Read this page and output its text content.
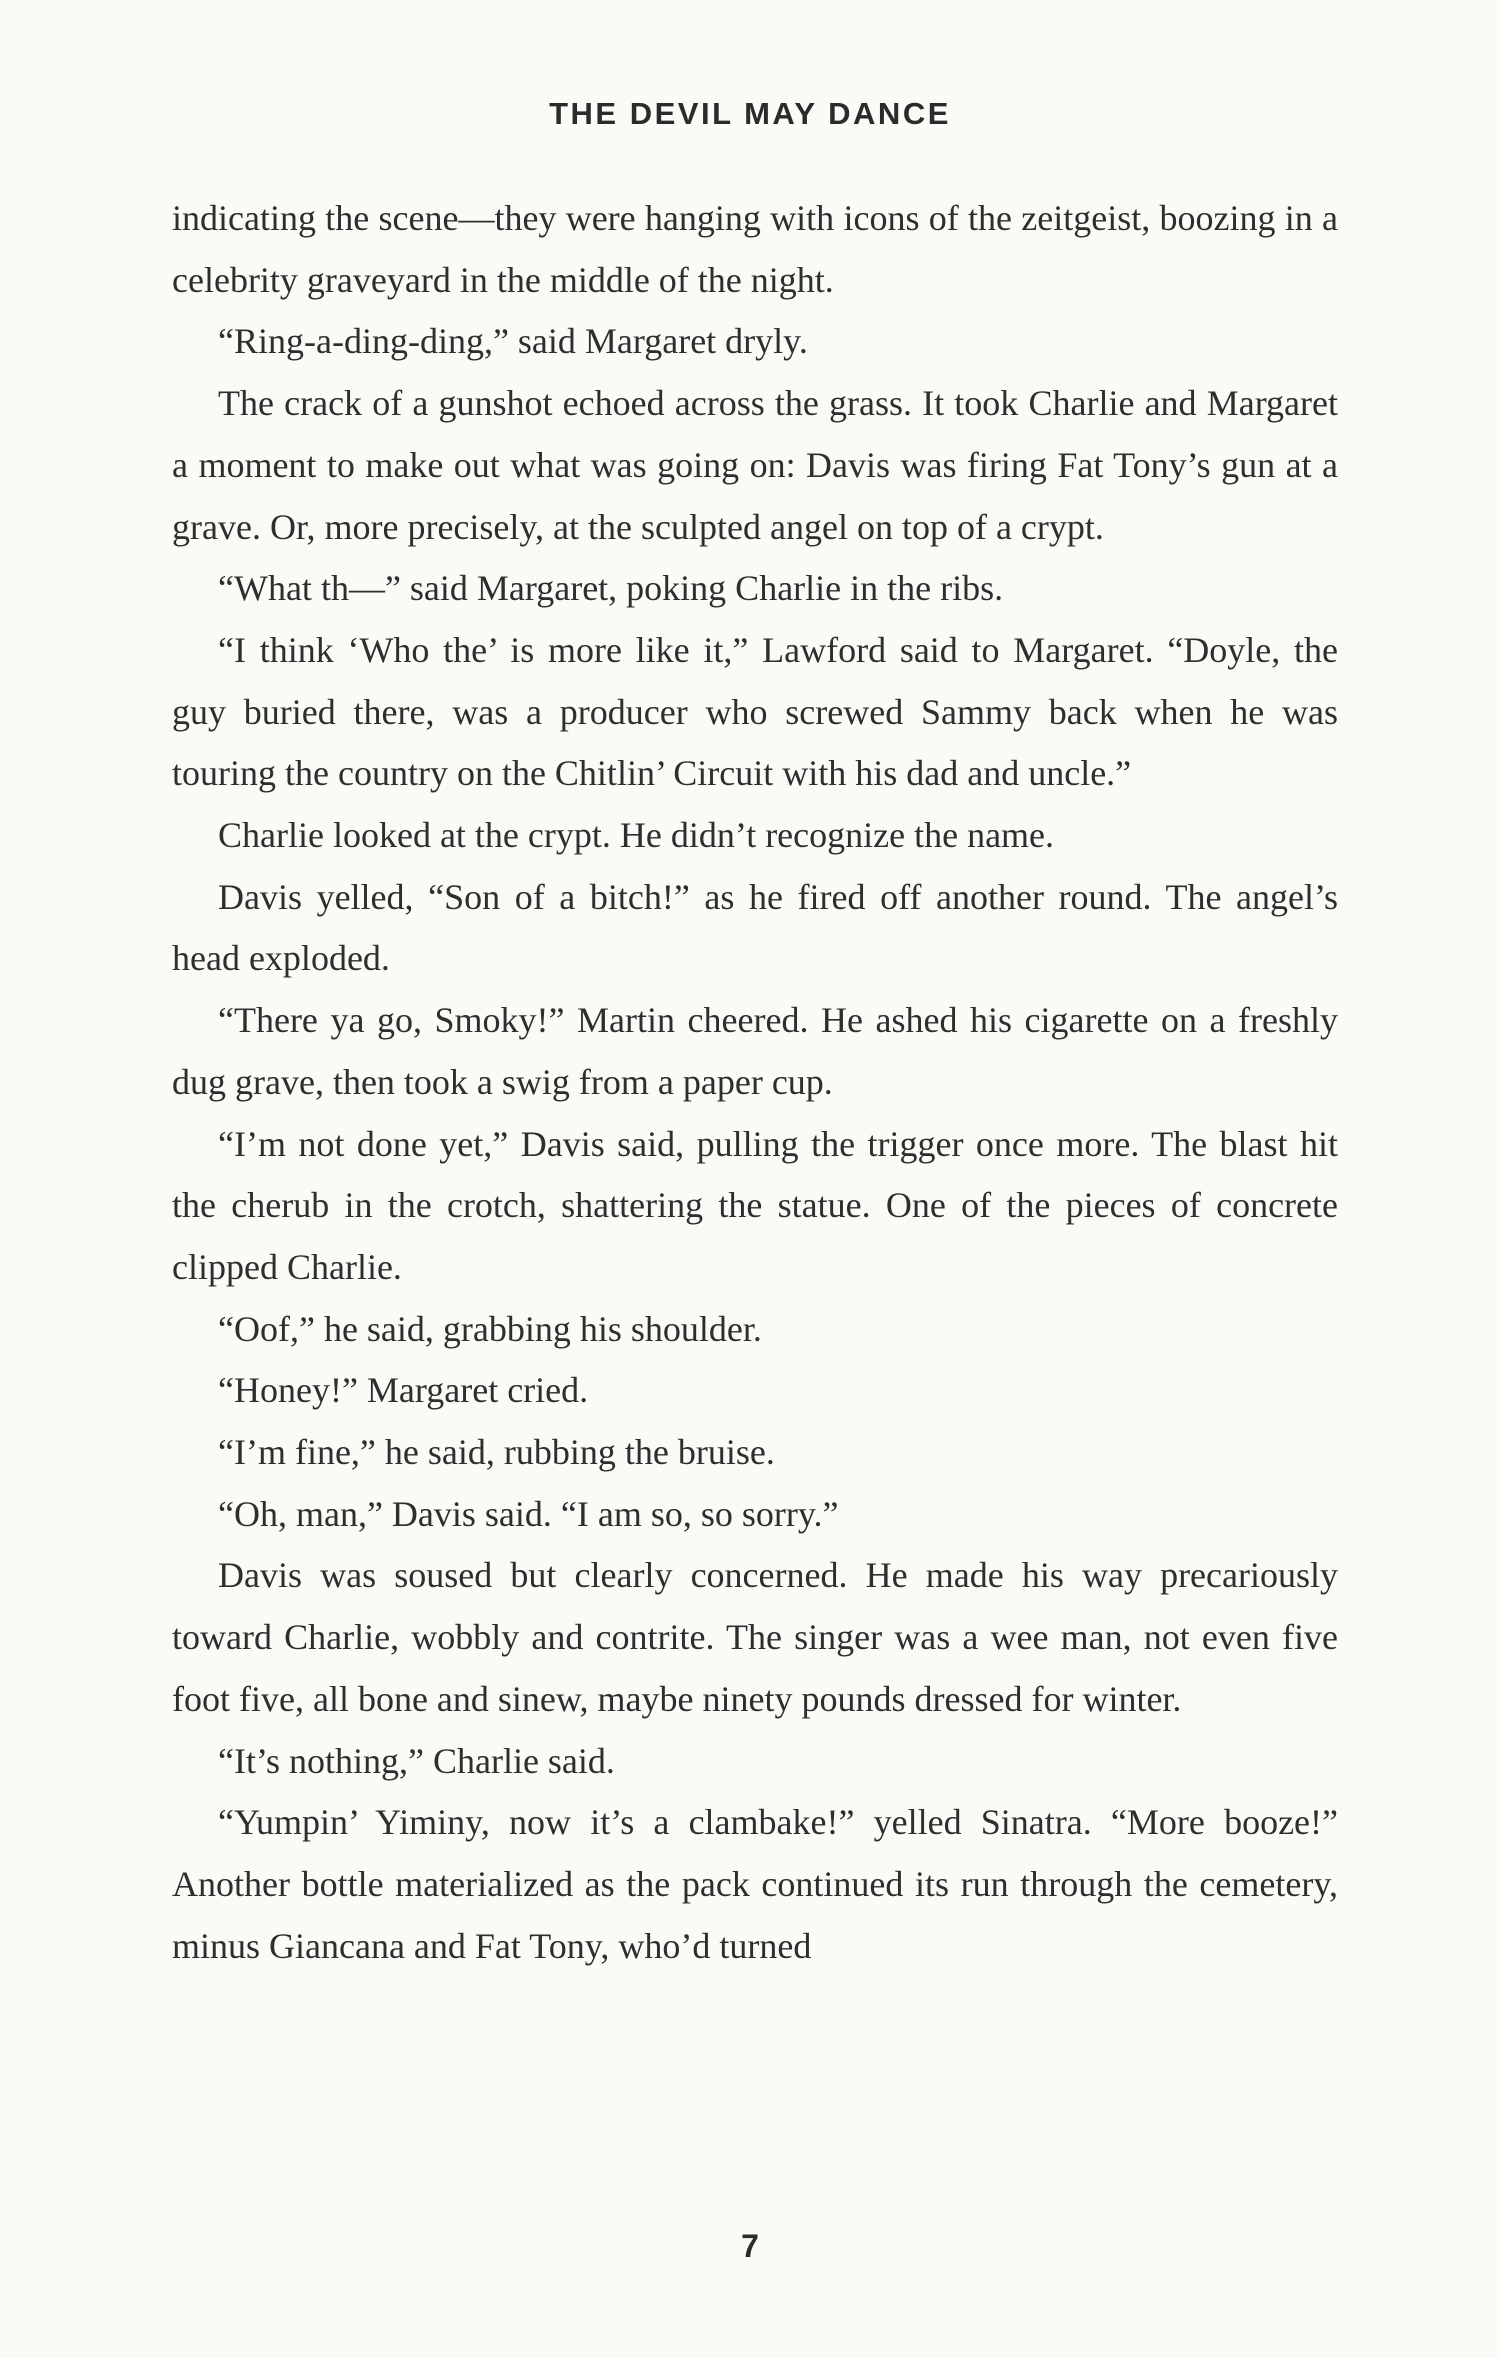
THE DEVIL MAY DANCE

indicating the scene—they were hanging with icons of the zeitgeist, boozing in a celebrity graveyard in the middle of the night.

“Ring-a-ding-ding,” said Margaret dryly.

The crack of a gunshot echoed across the grass. It took Charlie and Margaret a moment to make out what was going on: Davis was firing Fat Tony’s gun at a grave. Or, more precisely, at the sculpted angel on top of a crypt.

“What th—” said Margaret, poking Charlie in the ribs.

“I think ‘Who the’ is more like it,” Lawford said to Margaret. “Doyle, the guy buried there, was a producer who screwed Sammy back when he was touring the country on the Chitlin’ Circuit with his dad and uncle.”

Charlie looked at the crypt. He didn’t recognize the name.

Davis yelled, “Son of a bitch!” as he fired off another round. The angel’s head exploded.

“There ya go, Smoky!” Martin cheered. He ashed his cigarette on a freshly dug grave, then took a swig from a paper cup.

“I’m not done yet,” Davis said, pulling the trigger once more. The blast hit the cherub in the crotch, shattering the statue. One of the pieces of concrete clipped Charlie.

“Oof,” he said, grabbing his shoulder.

“Honey!” Margaret cried.

“I’m fine,” he said, rubbing the bruise.

“Oh, man,” Davis said. “I am so, so sorry.”

Davis was soused but clearly concerned. He made his way precariously toward Charlie, wobbly and contrite. The singer was a wee man, not even five foot five, all bone and sinew, maybe ninety pounds dressed for winter.

“It’s nothing,” Charlie said.

“Yumpin’ Yiminy, now it’s a clambake!” yelled Sinatra. “More booze!” Another bottle materialized as the pack continued its run through the cemetery, minus Giancana and Fat Tony, who’d turned

7
